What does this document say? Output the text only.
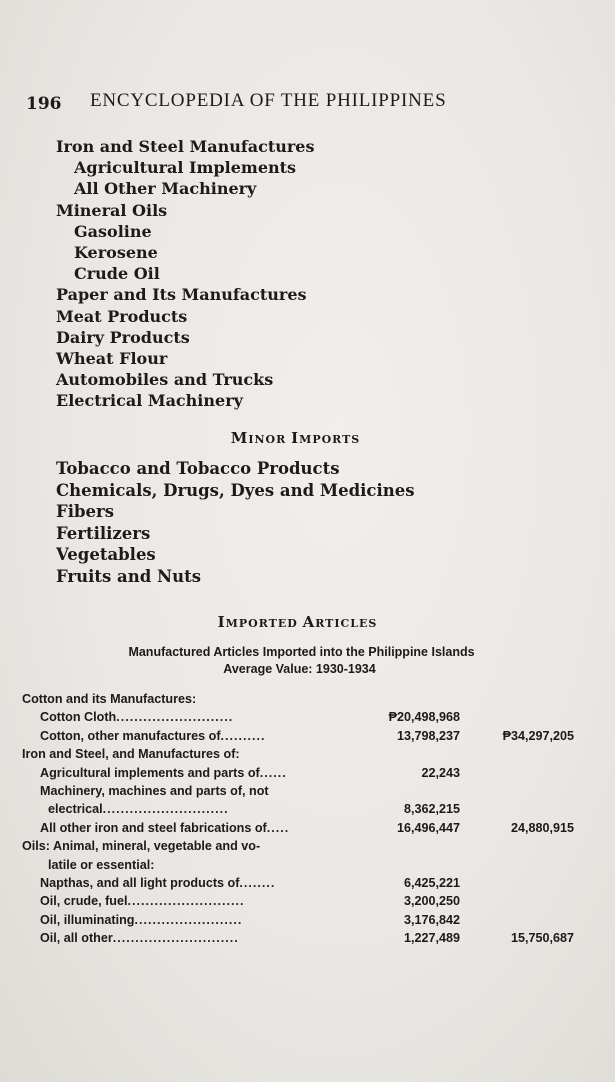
196 ENCYCLOPEDIA OF THE PHILIPPINES
Iron and Steel Manufactures
Agricultural Implements
All Other Machinery
Mineral Oils
Gasoline
Kerosene
Crude Oil
Paper and Its Manufactures
Meat Products
Dairy Products
Wheat Flour
Automobiles and Trucks
Electrical Machinery
MINOR IMPORTS
Tobacco and Tobacco Products
Chemicals, Drugs, Dyes and Medicines
Fibers
Fertilizers
Vegetables
Fruits and Nuts
IMPORTED ARTICLES
Manufactured Articles Imported into the Philippine Islands
Average Value: 1930-1934
Cotton and its Manufactures:
Cotton Cloth..........................	₱20,498,968
Cotton, other manufactures of..........	13,798,237	₱34,297,205
Iron and Steel, and Manufactures of:
Agricultural implements and parts of......	22,243
Machinery, machines and parts of, not
electrical............................	8,362,215
All other iron and steel fabrications of.....	16,496,447	24,880,915
Oils: Animal, mineral, vegetable and vo-
latile or essential:
Napthas, and all light products of........	6,425,221
Oil, crude, fuel..........................	3,200,250
Oil, illuminating........................	3,176,842
Oil, all other............................	1,227,489	15,750,687
